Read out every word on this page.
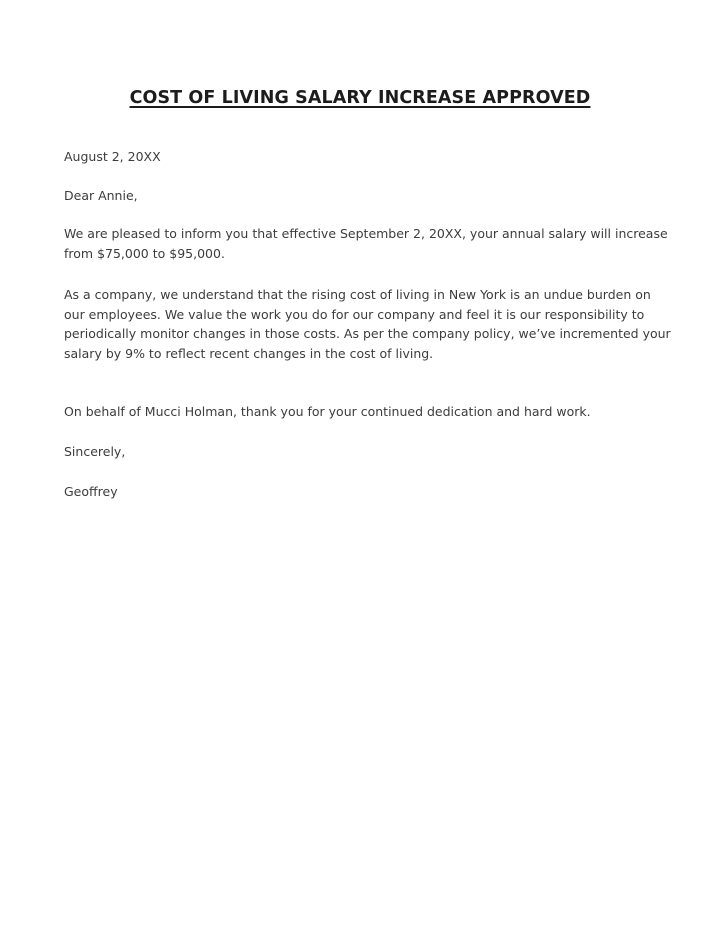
COST OF LIVING SALARY INCREASE APPROVED
August 2, 20XX
Dear Annie,
We are pleased to inform you that effective September 2, 20XX, your annual salary will increase from $75,000 to $95,000.
As a company, we understand that the rising cost of living in New York is an undue burden on our employees. We value the work you do for our company and feel it is our responsibility to periodically monitor changes in those costs. As per the company policy, we’ve incremented your salary by 9% to reflect recent changes in the cost of living.
On behalf of Mucci Holman, thank you for your continued dedication and hard work.
Sincerely,
Geoffrey
